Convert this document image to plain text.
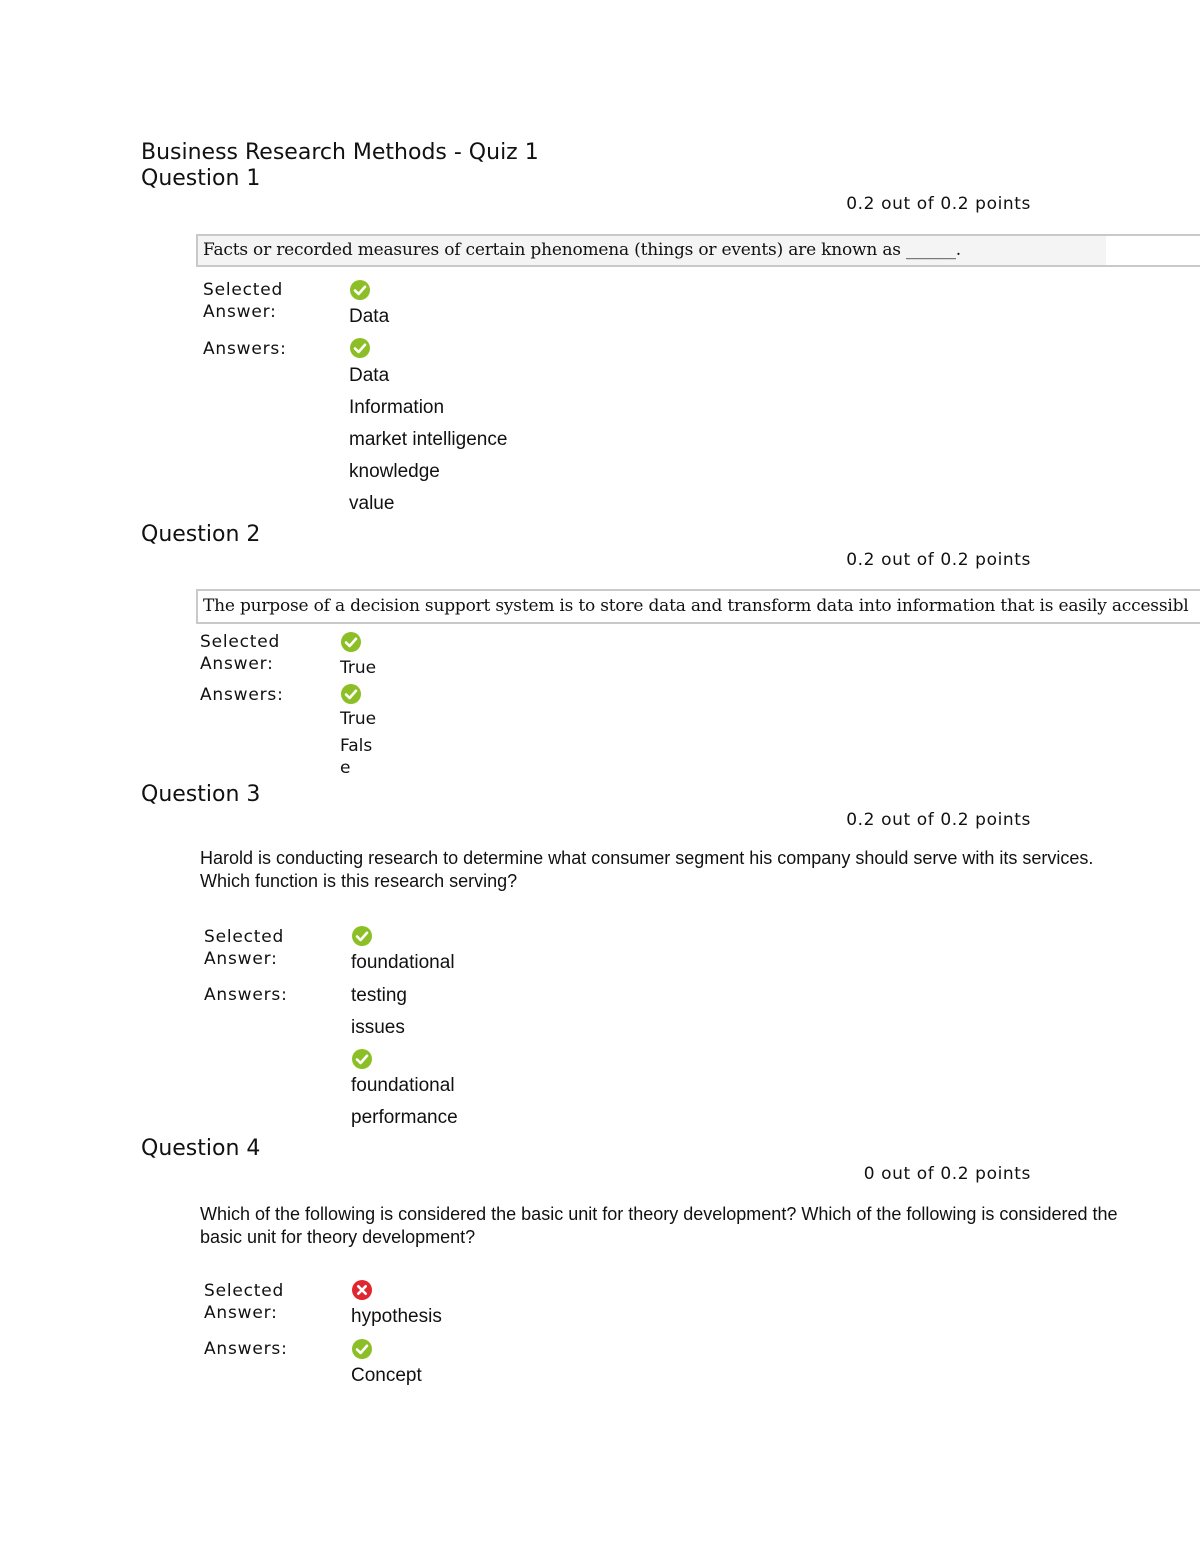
Business Research Methods - Quiz 1
Question 1
0.2 out of 0.2 points
Facts or recorded measures of certain phenomena (things or events) are known as ______.
Selected Answer:	Data
Answers:
Data
Information
market intelligence
knowledge
value
Question 2
0.2 out of 0.2 points
The purpose of a decision support system is to store data and transform data into information that is easily accessibl
Selected Answer:	True
Answers:
True
Fals
e
Question 3
0.2 out of 0.2 points
Harold is conducting research to determine what consumer segment his company should serve with its services. Which function is this research serving?
Selected Answer:	foundational
Answers:	testing
issues
foundational
performance
Question 4
0 out of 0.2 points
Which of the following is considered the basic unit for theory development? Which of the following is considered the basic unit for theory development?
Selected Answer:	hypothesis
Answers:
Concept
